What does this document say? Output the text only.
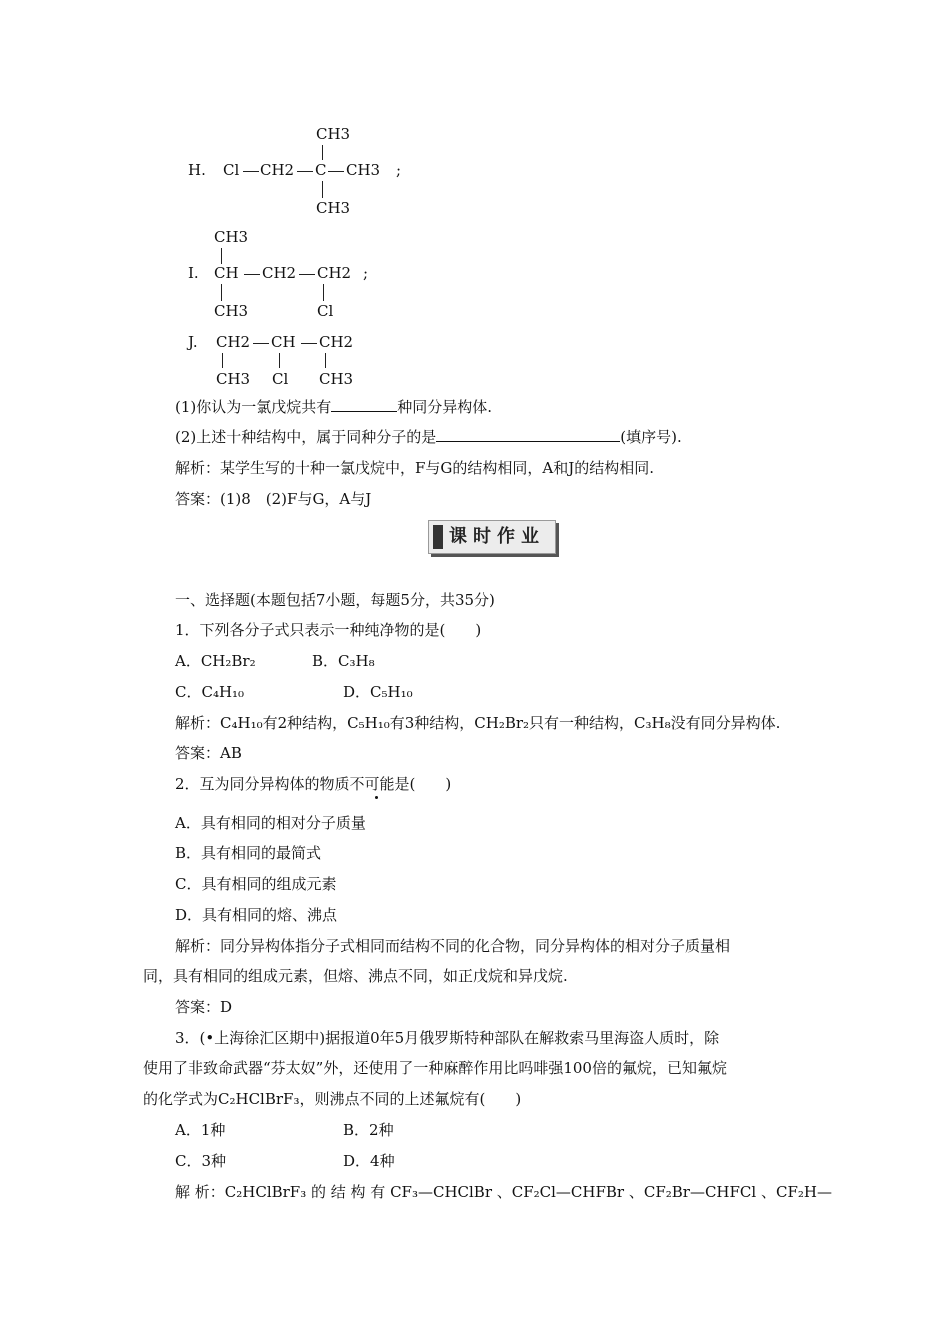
H.
CH3
Cl CH2 C CH3 ;
CH3
CH3
I. CH CH2 CH2 ;
CH3	Cl
J. CH2 CH CH2
CH3 Cl CH3
(1)你认为一氯戊烷共有	种同分异构体.
(2)上述十种结构中，属于同种分子的是	(填序号).
解析：某学生写的十种一氯戊烷中，F与G的结构相同，A和J的结构相同.
答案：(1)8　(2)F与G，A与J
课时作业
一、选择题(本题包括7小题，每题5分，共35分)
1．下列各分子式只表示一种纯净物的是(　　)
A．CH₂Br₂	B．C₃H₈
C．C₄H₁₀	D．C₅H₁₀
解析：C₄H₁₀有2种结构，C₅H₁₀有3种结构，CH₂Br₂只有一种结构，C₃H₈没有同分异构体.
答案：AB
2．互为同分异构体的物质不可能是(　　)
A．具有相同的相对分子质量
B．具有相同的最简式
C．具有相同的组成元素
D．具有相同的熔、沸点
解析：同分异构体指分子式相同而结构不同的化合物，同分异构体的相对分子质量相
同，具有相同的组成元素，但熔、沸点不同，如正戊烷和异戊烷.
答案：D
3．(•上海徐汇区期中)据报道0年5月俄罗斯特种部队在解救索马里海盗人质时，除
使用了非致命武器“芬太奴”外，还使用了一种麻醉作用比吗啡强100倍的氟烷，已知氟烷
的化学式为C₂HClBrF₃，则沸点不同的上述氟烷有(　　)
A．1种	B．2种
C．3种	D．4种
解 析：C₂HClBrF₃ 的 结 构 有 CF₃—CHClBr 、CF₂Cl—CHFBr 、CF₂Br—CHFCl 、CF₂H—
